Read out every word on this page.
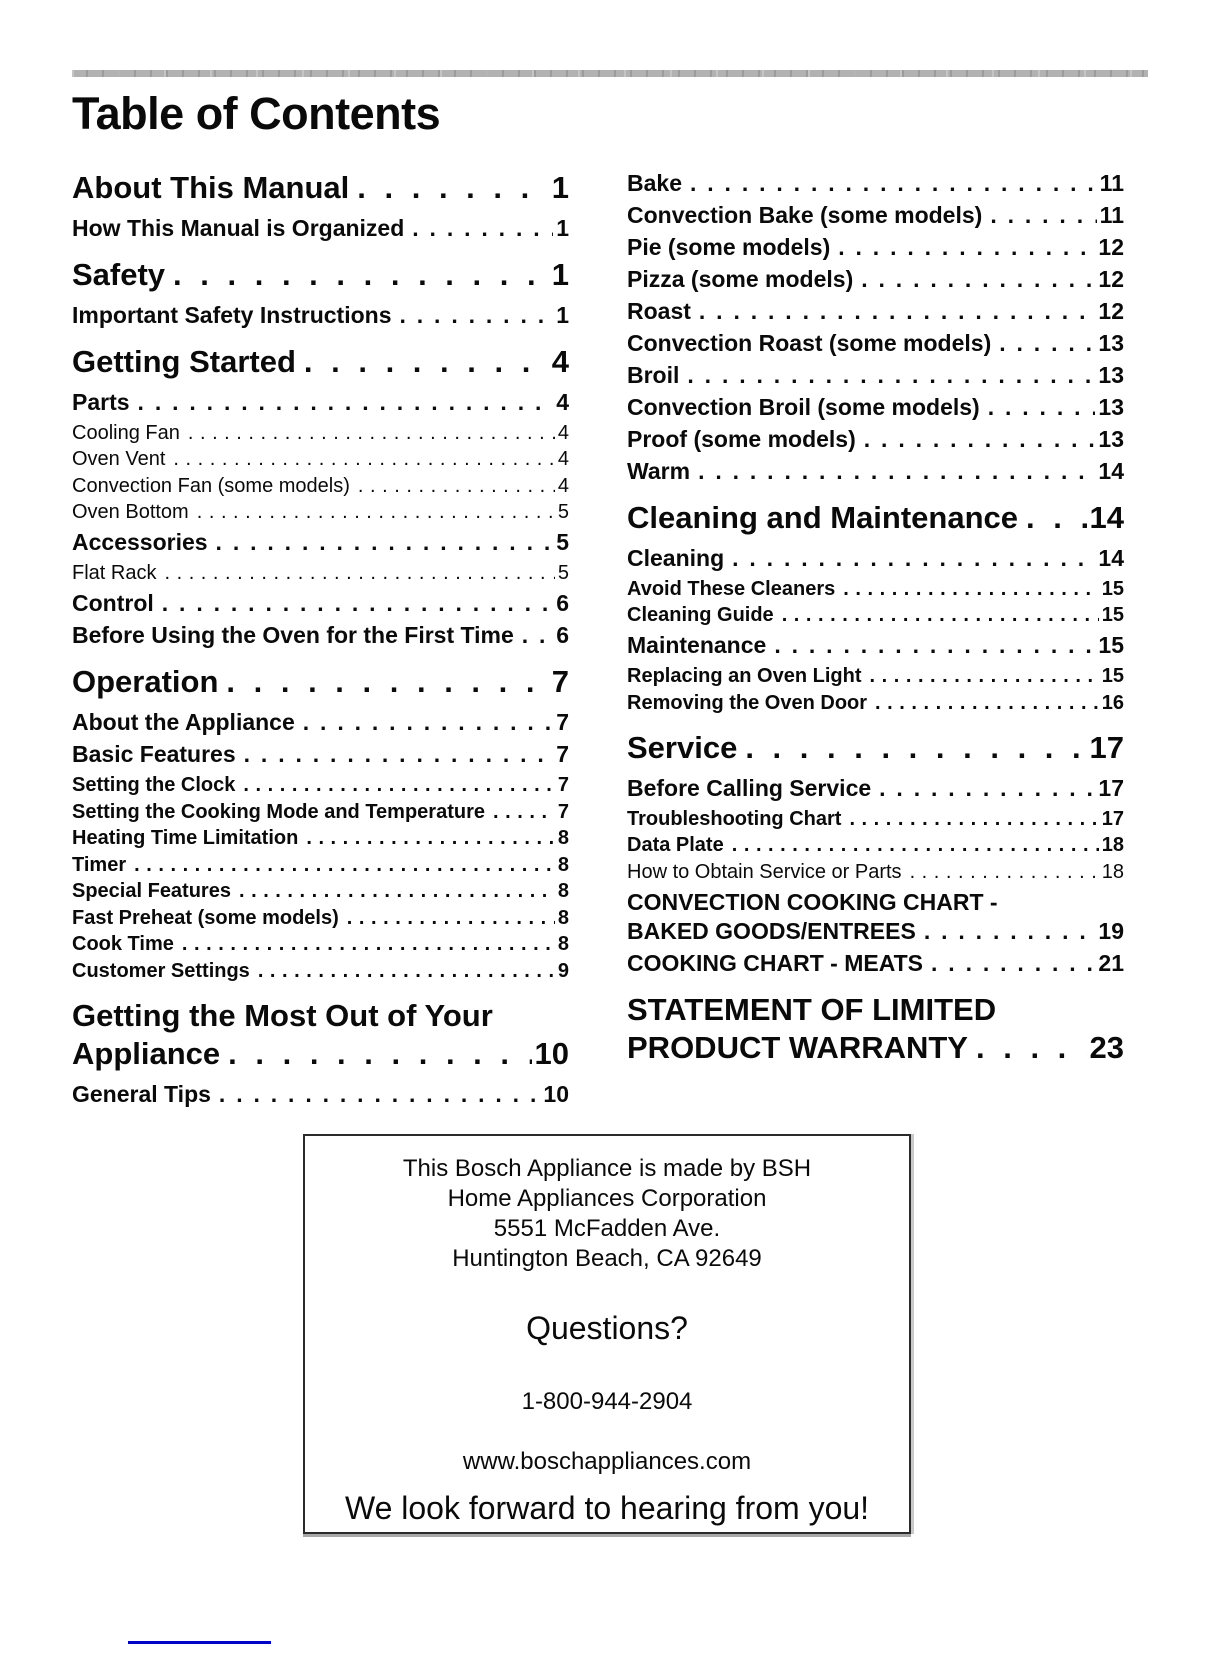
Table of Contents
About This Manual . . .	1
How This Manual is Organized . . .	1
Safety . . .	1
Important Safety Instructions . . .	1
Getting Started . . .	4
Parts . . .	4
Cooling Fan . . .	4
Oven Vent . . .	4
Convection Fan (some models) . . .	4
Oven Bottom . . .	5
Accessories . . .	5
Flat Rack . . .	5
Control . . .	6
Before Using the Oven for the First Time . . . 6
Operation . . .	7
About the Appliance . . .	7
Basic Features . . .	7
Setting the Clock . . .	7
Setting the Cooking Mode and Temperature . . .	7
Heating Time Limitation . . .	8
Timer . . .	8
Special Features . . .	8
Fast Preheat (some models) . . .	8
Cook Time . . .	8
Customer Settings . . .	9
Getting the Most Out of Your
Appliance . . .	10
General Tips . . .	10
Bake . . .	11
Convection Bake (some models) . . .	11
Pie (some models) . . .	12
Pizza (some models) . . .	12
Roast . . .	12
Convection Roast (some models) . . .	13
Broil . . .	13
Convection Broil (some models) . . .	13
Proof (some models) . . .	13
Warm . . .	14
Cleaning and Maintenance . . . 14
Cleaning . . .	14
Avoid These Cleaners . . .	15
Cleaning Guide . . .	15
Maintenance . . .	15
Replacing an Oven Light . . .	15
Removing the Oven Door . . .	16
Service . . .	17
Before Calling Service . . .	17
Troubleshooting Chart . . .	17
Data Plate . . .	18
How to Obtain Service or Parts . . .	18
CONVECTION COOKING CHART -
BAKED GOODS/ENTREES . . .	19
COOKING CHART - MEATS . . .	21
STATEMENT OF LIMITED
PRODUCT WARRANTY . . .	23
This Bosch Appliance is made by BSH
Home Appliances Corporation
5551 McFadden Ave.
Huntington Beach, CA 92649
Questions?
1-800-944-2904
www.boschappliances.com
We look forward to hearing from you!
